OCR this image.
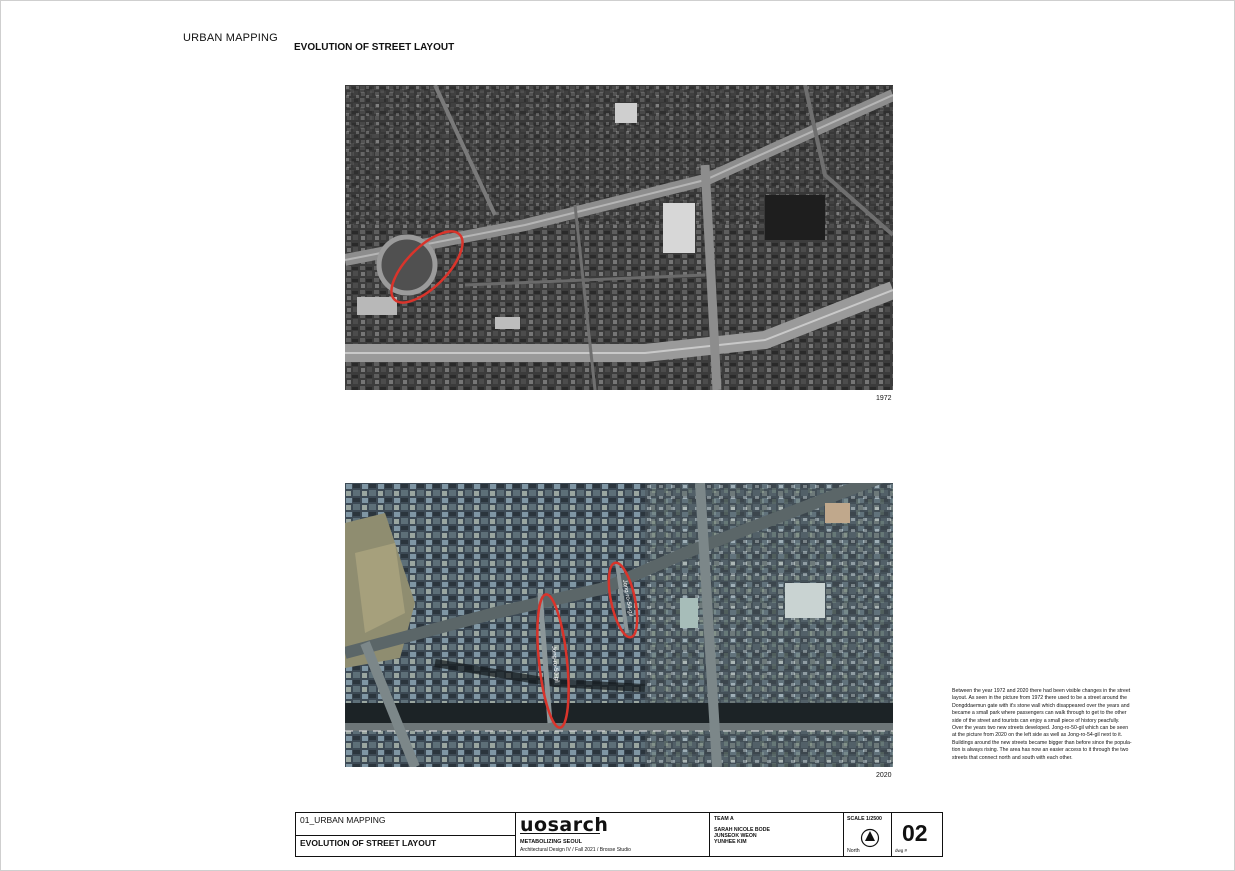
URBAN MAPPING
EVOLUTION OF STREET LAYOUT
1972
Jong-ro-50-gil
Jong-ro-54-gil
2020
Between the year 1972 and 2020 there had been visible changes in the street
layout. As seen in the picture from 1972 there used to be a street around the
Dongddaemun gate with it's stone wall which disappeared over the years and
became a small park where passengers can walk through to get to the other
side of the street and tourists can enjoy a small piece of history peacfully.
Over the years two new streets developed. Jong-ro-50-gil which can be seen
at the picture from 2020 on the left side as well as Jong-ro-54-gil next to it.
Buildings around the new streets became bigger than before since the popula-
tion is always rising. The area has now an easier access to it through the two
streets that connect north and south with each other.
01_URBAN MAPPING
EVOLUTION OF STREET LAYOUT
uosarch
METABOLIZING SEOUL
Architectural Design IV / Fall 2021 / Brosse Studio
TEAM A
SARAH NICOLE BODE
JUNSEOK WEON
YUNHEE KIM
SCALE 1/2500
North
02
dwg #
